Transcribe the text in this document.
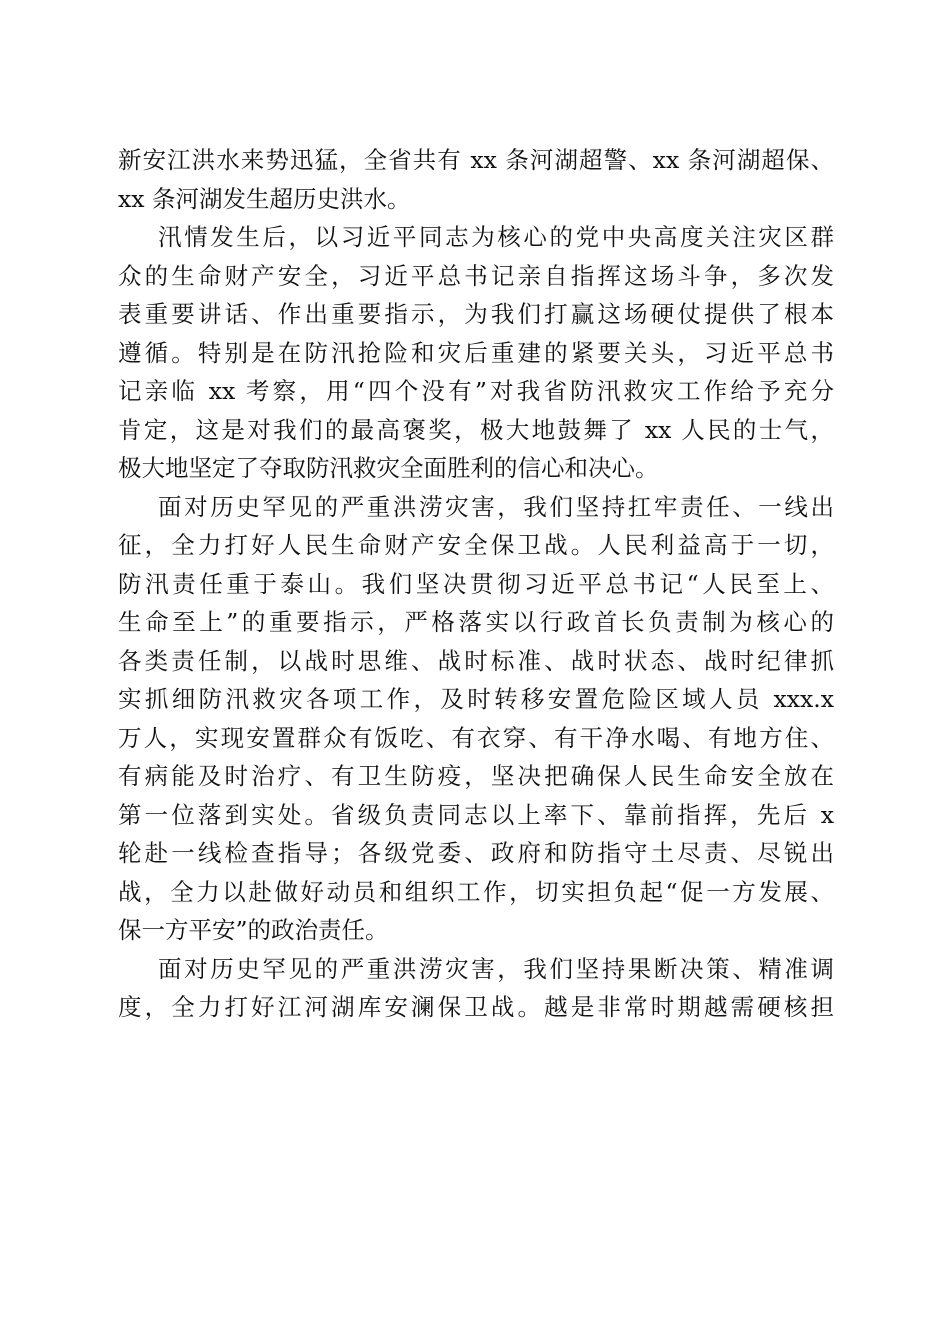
新安江洪水来势迅猛，全省共有 xx 条河湖超警、xx 条河湖超保、
xx 条河湖发生超历史洪水。
汛情发生后，以习近平同志为核心的党中央高度关注灾区群
众的生命财产安全，习近平总书记亲自指挥这场斗争，多次发
表重要讲话、作出重要指示，为我们打赢这场硬仗提供了根本
遵循。特别是在防汛抢险和灾后重建的紧要关头，习近平总书
记亲临 xx 考察，用“四个没有”对我省防汛救灾工作给予充分
肯定，这是对我们的最高褒奖，极大地鼓舞了 xx 人民的士气，
极大地坚定了夺取防汛救灾全面胜利的信心和决心。
面对历史罕见的严重洪涝灾害，我们坚持扛牢责任、一线出
征，全力打好人民生命财产安全保卫战。人民利益高于一切，
防汛责任重于泰山。我们坚决贯彻习近平总书记“人民至上、
生命至上”的重要指示，严格落实以行政首长负责制为核心的
各类责任制，以战时思维、战时标准、战时状态、战时纪律抓
实抓细防汛救灾各项工作，及时转移安置危险区域人员 xxx.x
万人，实现安置群众有饭吃、有衣穿、有干净水喝、有地方住、
有病能及时治疗、有卫生防疫，坚决把确保人民生命安全放在
第一位落到实处。省级负责同志以上率下、靠前指挥，先后 x
轮赴一线检查指导；各级党委、政府和防指守土尽责、尽锐出
战，全力以赴做好动员和组织工作，切实担负起“促一方发展、
保一方平安”的政治责任。
面对历史罕见的严重洪涝灾害，我们坚持果断决策、精准调
度，全力打好江河湖库安澜保卫战。越是非常时期越需硬核担
